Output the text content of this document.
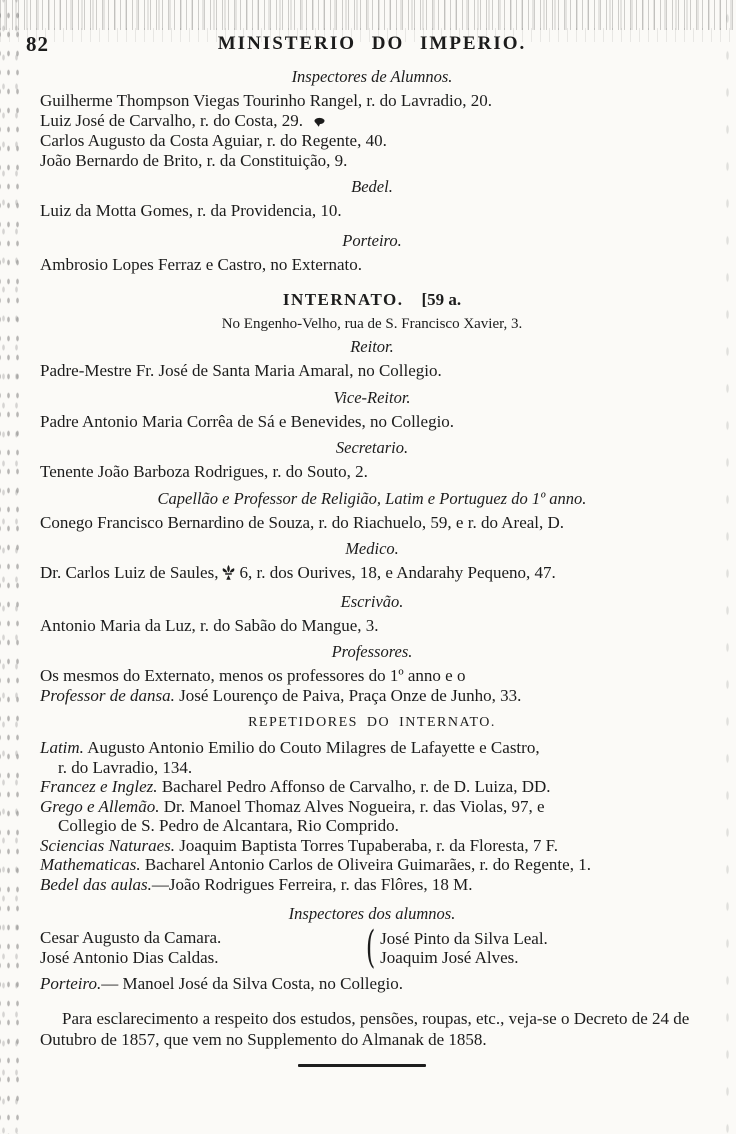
82	MINISTERIO DO IMPERIO.
Inspectores de Alumnos.
Guilherme Thompson Viegas Tourinho Rangel, r. do Lavradio, 20.
Luiz José de Carvalho, r. do Costa, 29.
Carlos Augusto da Costa Aguiar, r. do Regente, 40.
João Bernardo de Brito, r. da Constituição, 9.
Bedel.
Luiz da Motta Gomes, r. da Providencia, 10.
Porteiro.
Ambrosio Lopes Ferraz e Castro, no Externato.
INTERNATO. [59 a.
No Engenho-Velho, rua de S. Francisco Xavier, 3.
Reitor.
Padre-Mestre Fr. José de Santa Maria Amaral, no Collegio.
Vice-Reitor.
Padre Antonio Maria Corrêa de Sá e Benevides, no Collegio.
Secretario.
Tenente João Barboza Rodrigues, r. do Souto, 2.
Capellão e Professor de Religião, Latim e Portuguez do 1º anno.
Conego Francisco Bernardino de Souza, r. do Riachuelo, 59, e r. do Areal, D.
Medico.
Dr. Carlos Luiz de Saules, 6, r. dos Ourives, 18, e Andarahy Pequeno, 47.
Escrivão.
Antonio Maria da Luz, r. do Sabão do Mangue, 3.
Professores.
Os mesmos do Externato, menos os professores do 1º anno e o
Professor de dansa. José Lourenço de Paiva, Praça Onze de Junho, 33.
REPETIDORES DO INTERNATO.
Latim. Augusto Antonio Emilio do Couto Milagres de Lafayette e Castro,
r. do Lavradio, 134.
Francez e Inglez. Bacharel Pedro Affonso de Carvalho, r. de D. Luiza, DD.
Grego e Allemão. Dr. Manoel Thomaz Alves Nogueira, r. das Violas, 97, e
Collegio de S. Pedro de Alcantara, Rio Comprido.
Sciencias Naturaes. Joaquim Baptista Torres Tupaberaba, r. da Floresta, 7 F.
Mathematicas. Bacharel Antonio Carlos de Oliveira Guimarães, r. do Regente, 1.
Bedel das aulas.—João Rodrigues Ferreira, r. das Flôres, 18 M.
Inspectores dos alumnos.
Cesar Augusto da Camara.
José Antonio Dias Caldas.	( José Pinto da Silva Leal.
Joaquim José Alves.
Porteiro.— Manoel José da Silva Costa, no Collegio.
Para esclarecimento a respeito dos estudos, pensões, roupas, etc., veja-se o Decreto de 24 de Outubro de 1857, que vem no Supplemento do Almanak de 1858.
